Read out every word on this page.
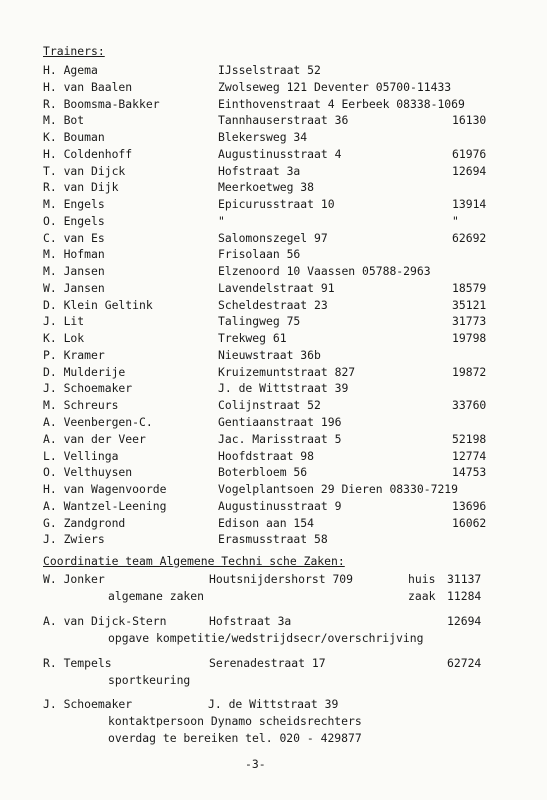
Trainers:
H. Agema	IJsselstraat 52
H. van Baalen	Zwolseweg 121 Deventer 05700-11433
R. Boomsma-Bakker	Einthovenstraat 4 Eerbeek 08338-1069
M. Bot	Tannhauserstraat 36	16130
K. Bouman	Blekersweg 34
H. Coldenhoff	Augustinusstraat 4	61976
T. van Dijck	Hofstraat 3a	12694
R. van Dijk	Meerkoetweg 38
M. Engels	Epicurusstraat 10	13914
O. Engels	"	"
C. van Es	Salomonszegel 97	62692
M. Hofman	Frisolaan 56
M. Jansen	Elzenoord 10 Vaassen 05788-2963
W. Jansen	Lavendelstraat 91	18579
D. Klein Geltink	Scheldestraat 23	35121
J. Lit	Talingweg 75	31773
K. Lok	Trekweg 61	19798
P. Kramer	Nieuwstraat 36b
D. Mulderije	Kruizemuntstraat 827	19872
J. Schoemaker	J. de Wittstraat 39
M. Schreurs	Colijnstraat 52	33760
A. Veenbergen-C.	Gentiaanstraat 196
A. van der Veer	Jac. Marisstraat 5	52198
L. Vellinga	Hoofdstraat 98	12774
O. Velthuysen	Boterbloem 56	14753
H. van Wagenvoorde	Vogelplantsoen 29 Dieren 08330-7219
A. Wantzel-Leening	Augustinusstraat 9	13696
G. Zandgrond	Edison aan 154	16062
J. Zwiers	Erasmusstraat 58
Coordinatie team Algemene Techni sche Zaken:
W. Jonker	Houtsnijdershorst 709	huis 31137
algemane zaken	zaak 11284
A. van Dijck-Stern	Hofstraat 3a	12694
opgave kompetitie/wedstrijdsecr/overschrijving
R. Tempels	Serenadestraat 17	62724
sportkeuring
J. Schoemaker	J. de Wittstraat 39
kontaktpersoon Dynamo scheidsrechters
overdag te bereiken tel. 020 - 429877
-3-
